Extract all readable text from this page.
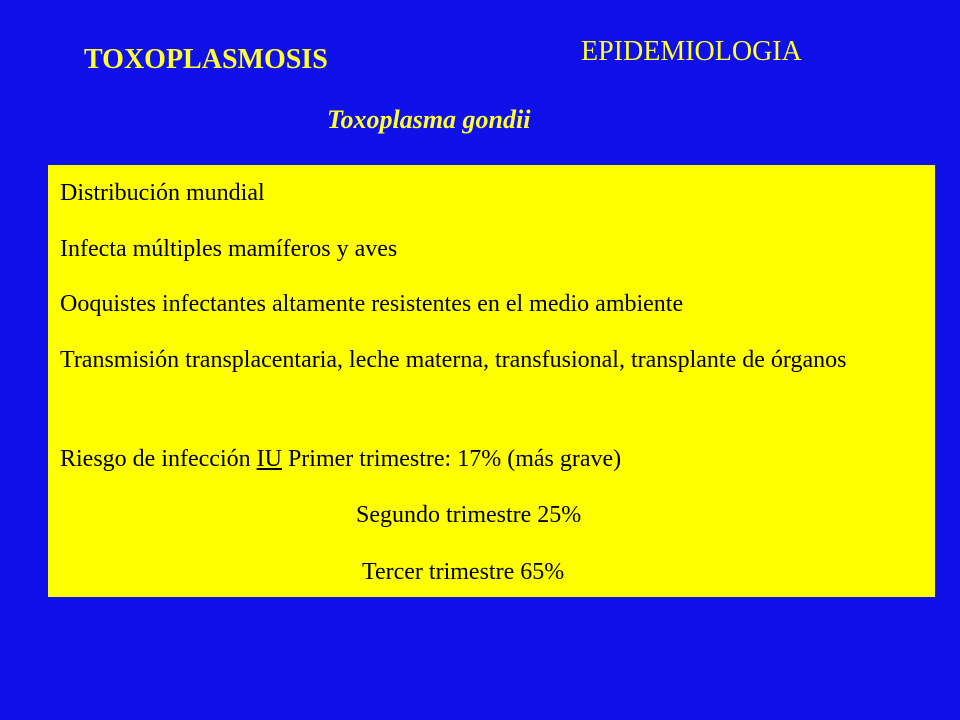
TOXOPLASMOSIS	EPIDEMIOLOGIA
Toxoplasma gondii
Distribución mundial
Infecta múltiples mamíferos y aves
Ooquistes infectantes altamente resistentes en el medio ambiente
Transmisión transplacentaria, leche materna, transfusional, transplante de órganos
Riesgo de infección IU Primer trimestre: 17% (más grave)
Segundo trimestre 25%
Tercer trimestre 65%
